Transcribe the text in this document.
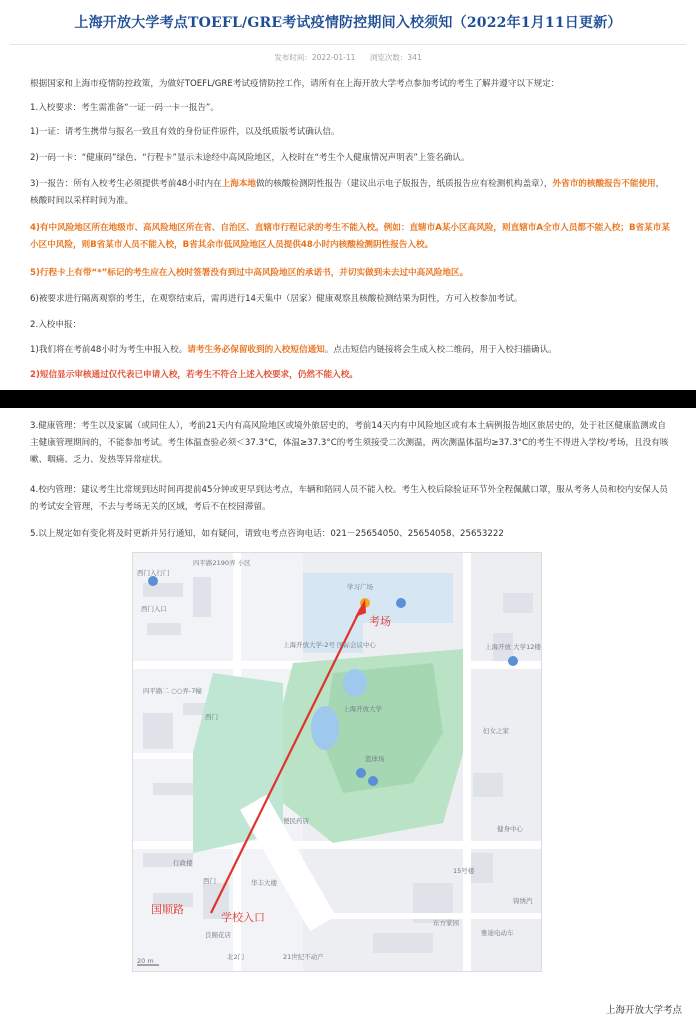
上海开放大学考点TOEFL/GRE考试疫情防控期间入校须知（2022年1月11日更新）
发布时间：2022-01-11 浏览次数：341
根据国家和上海市疫情防控政策，为做好TOEFL/GRE考试疫情防控工作，请所有在上海开放大学考点参加考试的考生了解并遵守以下规定：
1.入校要求：考生需准备“一证一码一卡一报告”。
1)一证：请考生携带与报名一致且有效的身份证件原件，以及纸质版考试确认信。
2)一码一卡：“健康码”绿色、“行程卡”显示未途经中高风险地区，入校时在“考生个人健康情况声明表”上签名确认。
3)一报告：所有入校考生必须提供考前48小时内在上海本地做的核酸检测阴性报告（建议出示电子版报告，纸质报告应有检测机构盖章），外省市的核酸报告不能使用，核酸时间以采样时间为准。
4)有中风险地区所在地级市、高风险地区所在省、自治区、直辖市行程记录的考生不能入校。例如：直辖市A某小区高风险，则直辖市A全市人员都不能入校；B省某市某小区中风险，则B省某市人员不能入校，B省其余市低风险地区人员提供48小时内核酸检测阴性报告入校。
5)行程卡上有带“*”标记的考生应在入校时签署没有到过中高风险地区的承诺书，并切实做到未去过中高风险地区。
6)被要求进行隔离观察的考生，在观察结束后，需再进行14天集中（居家）健康观察且核酸检测结果为阴性，方可入校参加考试。
2.入校申报：
1)我们将在考前48小时为考生申报入校。请考生务必保留收到的入校短信通知。点击短信内链接将会生成入校二维码，用于入校扫描确认。
2)短信显示审核通过仅代表已申请入校，若考生不符合上述入校要求，仍然不能入校。
3.健康管理：考生以及家属（或同住人），考前21天内有高风险地区或境外旅居史的，考前14天内有中风险地区或有本土病例报告地区旅居史的，处于社区健康监测或自主健康管理期间的，不能参加考试。考生体温查验必须＜37.3°C，体温≥37.3°C的考生须接受二次测温，两次测温体温均≥37.3°C的考生不得进入学校/考场，且没有咳嗽、咽痛、乏力、发热等异常症状。
4.校内管理：建议考生比常规到达时间再提前45分钟或更早到达考点，车辆和陪同人员不能入校。考生入校后除验证环节外全程佩戴口罩，服从考务人员和校内安保人员的考试安全管理，不去与考场无关的区域，考后不在校园滞留。
5.以上规定如有变化将及时更新并另行通知，如有疑问，请致电考点咨询电话：021－25654050、25654058、25653222
考场
学校入口
国顺路
学习广场
上海开放大学-2号 国际会议中心
上海开放大学
西门
西门
便民药店
篮球场
行政楼
华丰大楼
北2门	21世纪不动产
良颐花店
四平路二 ○○弄-7幢
西门入口
东方家园
健身中心
15号楼
锦绣汽
雅迪电动车
四平路2190弄 小区
西门入行门
妇女之家
上海开放 大学12楼
20 m
上海开放大学考点
